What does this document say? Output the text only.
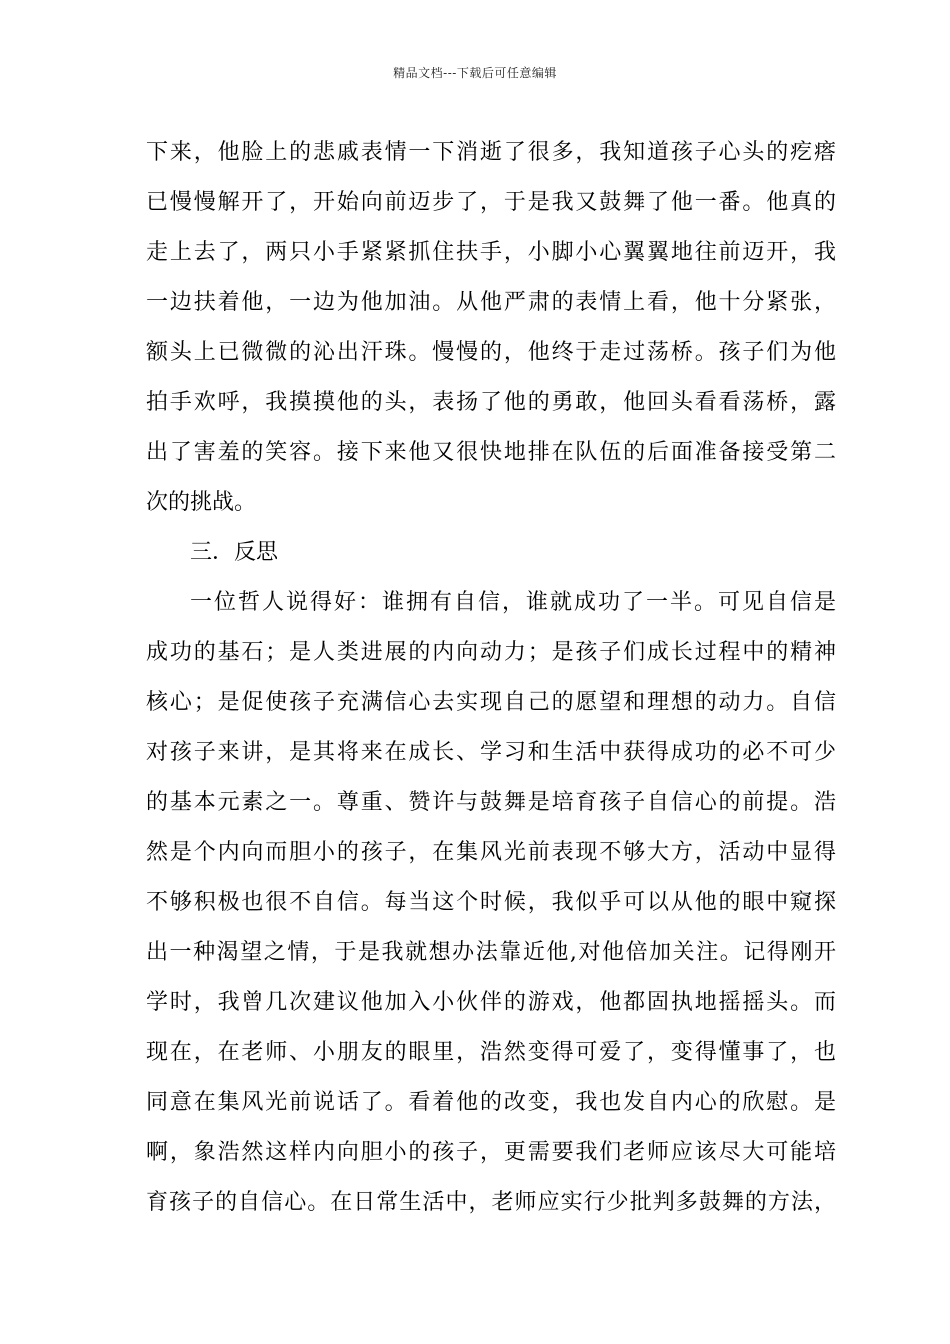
精品文档---下载后可任意编辑
下来，他脸上的悲戚表情一下消逝了很多，我知道孩子心头的疙瘩
已慢慢解开了，开始向前迈步了，于是我又鼓舞了他一番。他真的
走上去了，两只小手紧紧抓住扶手，小脚小心翼翼地往前迈开，我
一边扶着他，一边为他加油。从他严肃的表情上看，他十分紧张，
额头上已微微的沁出汗珠。慢慢的，他终于走过荡桥。孩子们为他
拍手欢呼，我摸摸他的头，表扬了他的勇敢，他回头看看荡桥，露
出了害羞的笑容。接下来他又很快地排在队伍的后面准备接受第二
次的挑战。
三．反思
一位哲人说得好：谁拥有自信，谁就成功了一半。可见自信是
成功的基石；是人类进展的内向动力；是孩子们成长过程中的精神
核心；是促使孩子充满信心去实现自己的愿望和理想的动力。自信
对孩子来讲，是其将来在成长、学习和生活中获得成功的必不可少
的基本元素之一。尊重、赞许与鼓舞是培育孩子自信心的前提。浩
然是个内向而胆小的孩子，在集风光前表现不够大方，活动中显得
不够积极也很不自信。每当这个时候，我似乎可以从他的眼中窥探
出一种渴望之情，于是我就想办法靠近他,对他倍加关注。记得刚开
学时，我曾几次建议他加入小伙伴的游戏，他都固执地摇摇头。而
现在，在老师、小朋友的眼里，浩然变得可爱了，变得懂事了，也
同意在集风光前说话了。看着他的改变，我也发自内心的欣慰。是
啊，象浩然这样内向胆小的孩子，更需要我们老师应该尽大可能培
育孩子的自信心。在日常生活中，老师应实行少批判多鼓舞的方法，
